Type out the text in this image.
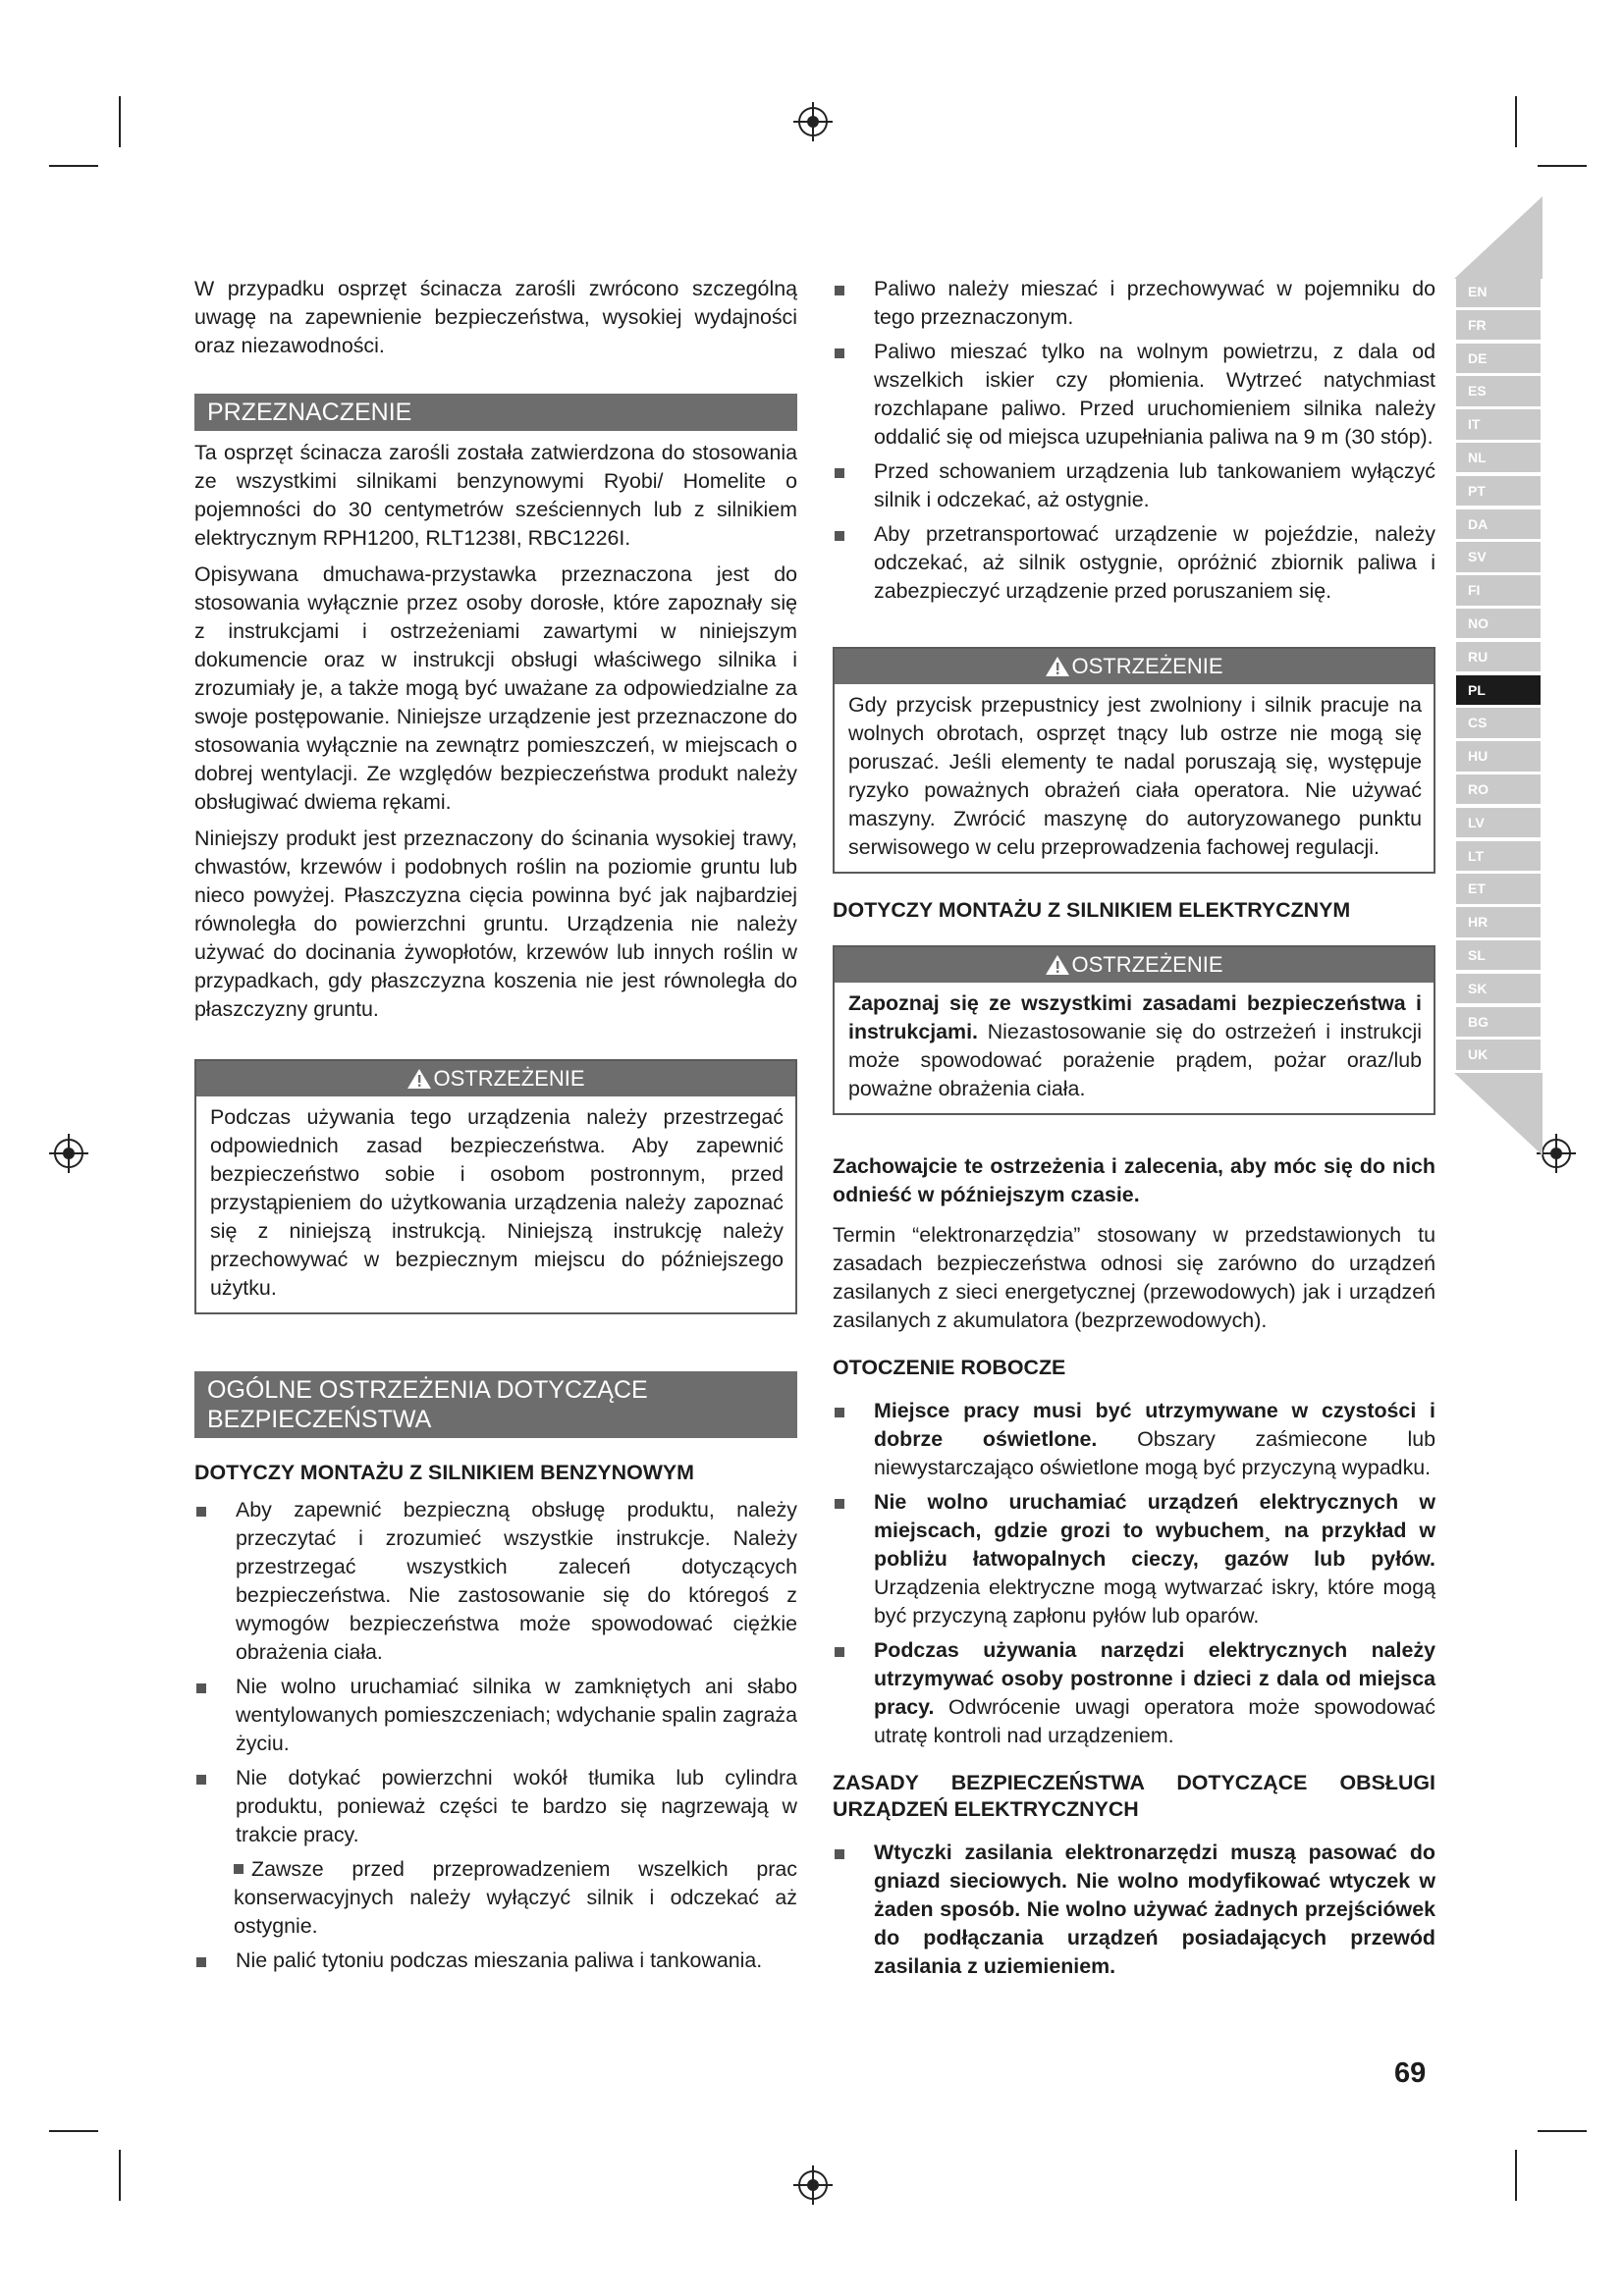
EN
FR
DE
ES
IT
NL
PT
DA
SV
FI
NO
RU
PL
CS
HU
RO
LV
LT
ET
HR
SL
SK
BG
UK

W przypadku osprzęt ścinacza zarośli zwrócono szczególną uwagę na zapewnienie bezpieczeństwa, wysokiej wydajności oraz niezawodności.

PRZEZNACZENIE

Ta osprzęt ścinacza zarośli została zatwierdzona do stosowania ze wszystkimi silnikami benzynowymi Ryobi/ Homelite o pojemności do 30 centymetrów sześciennych lub z silnikiem elektrycznym RPH1200, RLT1238I, RBC1226I.

Opisywana dmuchawa-przystawka przeznaczona jest do stosowania wyłącznie przez osoby dorosłe, które zapoznały się z instrukcjami i ostrzeżeniami zawartymi w niniejszym dokumencie oraz w instrukcji obsługi właściwego silnika i zrozumiały je, a także mogą być uważane za odpowiedzialne za swoje postępowanie. Niniejsze urządzenie jest przeznaczone do stosowania wyłącznie na zewnątrz pomieszczeń, w miejscach o dobrej wentylacji. Ze względów bezpieczeństwa produkt należy obsługiwać dwiema rękami.

Niniejszy produkt jest przeznaczony do ścinania wysokiej trawy, chwastów, krzewów i podobnych roślin na poziomie gruntu lub nieco powyżej. Płaszczyzna cięcia powinna być jak najbardziej równoległa do powierzchni gruntu. Urządzenia nie należy używać do docinania żywopłotów, krzewów lub innych roślin w przypadkach, gdy płaszczyzna koszenia nie jest równoległa do płaszczyzny gruntu.

OSTRZEŻENIE

Podczas używania tego urządzenia należy przestrzegać odpowiednich zasad bezpieczeństwa. Aby zapewnić bezpieczeństwo sobie i osobom postronnym, przed przystąpieniem do użytkowania urządzenia należy zapoznać się z niniejszą instrukcją. Niniejszą instrukcję należy przechowywać w bezpiecznym miejscu do późniejszego użytku.

OGÓLNE OSTRZEŻENIA DOTYCZĄCE
BEZPIECZEŃSTWA
DOTYCZY MONTAŻU Z SILNIKIEM BENZYNOWYM
Aby zapewnić bezpieczną obsługę produktu, należy przeczytać i zrozumieć wszystkie instrukcje. Należy przestrzegać wszystkich zaleceń dotyczących bezpieczeństwa. Nie zastosowanie się do któregoś z wymogów bezpieczeństwa może spowodować ciężkie obrażenia ciała.
Nie wolno uruchamiać silnika w zamkniętych ani słabo wentylowanych pomieszczeniach; wdychanie spalin zagraża życiu.
Nie dotykać powierzchni wokół tłumika lub cylindra produktu, ponieważ części te bardzo się nagrzewają w trakcie pracy.
Zawsze przed przeprowadzeniem wszelkich prac konserwacyjnych należy wyłączyć silnik i odczekać aż ostygnie.
Nie palić tytoniu podczas mieszania paliwa i tankowania.
Paliwo należy mieszać i przechowywać w pojemniku do tego przeznaczonym.
Paliwo mieszać tylko na wolnym powietrzu, z dala od wszelkich iskier czy płomienia. Wytrzeć natychmiast rozchlapane paliwo. Przed uruchomieniem silnika należy oddalić się od miejsca uzupełniania paliwa na 9 m (30 stóp).
Przed schowaniem urządzenia lub tankowaniem wyłączyć silnik i odczekać, aż ostygnie.
Aby przetransportować urządzenie w pojeździe, należy odczekać, aż silnik ostygnie, opróżnić zbiornik paliwa i zabezpieczyć urządzenie przed poruszaniem się.
OSTRZEŻENIE

Gdy przycisk przepustnicy jest zwolniony i silnik pracuje na wolnych obrotach, osprzęt tnący lub ostrze nie mogą się poruszać. Jeśli elementy te nadal poruszają się, występuje ryzyko poważnych obrażeń ciała operatora. Nie używać maszyny. Zwrócić maszynę do autoryzowanego punktu serwisowego w celu przeprowadzenia fachowej regulacji.

DOTYCZY MONTAŻU Z SILNIKIEM ELEKTRYCZNYM
OSTRZEŻENIE

Zapoznaj się ze wszystkimi zasadami bezpieczeństwa i instrukcjami. Niezastosowanie się do ostrzeżeń i instrukcji może spowodować porażenie prądem, pożar oraz/lub poważne obrażenia ciała.

Zachowajcie te ostrzeżenia i zalecenia, aby móc się do nich odnieść w późniejszym czasie.

Termin “elektronarzędzia” stosowany w przedstawionych tu zasadach bezpieczeństwa odnosi się zarówno do urządzeń zasilanych z sieci energetycznej (przewodowych) jak i urządzeń zasilanych z akumulatora (bezprzewodowych).

OTOCZENIE ROBOCZE
Miejsce pracy musi być utrzymywane w czystości i dobrze oświetlone. Obszary zaśmiecone lub niewystarczająco oświetlone mogą być przyczyną wypadku.
Nie wolno uruchamiać urządzeń elektrycznych w miejscach, gdzie grozi to wybuchem¸ na przykład w pobliżu łatwopalnych cieczy, gazów lub pyłów. Urządzenia elektryczne mogą wytwarzać iskry, które mogą być przyczyną zapłonu pyłów lub oparów.
Podczas używania narzędzi elektrycznych należy utrzymywać osoby postronne i dzieci z dala od miejsca pracy. Odwrócenie uwagi operatora może spowodować utratę kontroli nad urządzeniem.
ZASADY BEZPIECZEŃSTWA DOTYCZĄCE OBSŁUGI URZĄDZEŃ ELEKTRYCZNYCH
Wtyczki zasilania elektronarzędzi muszą pasować do gniazd sieciowych. Nie wolno modyfikować wtyczek w żaden sposób. Nie wolno używać żadnych przejściówek do podłączania urządzeń posiadających przewód zasilania z uziemieniem.
69
